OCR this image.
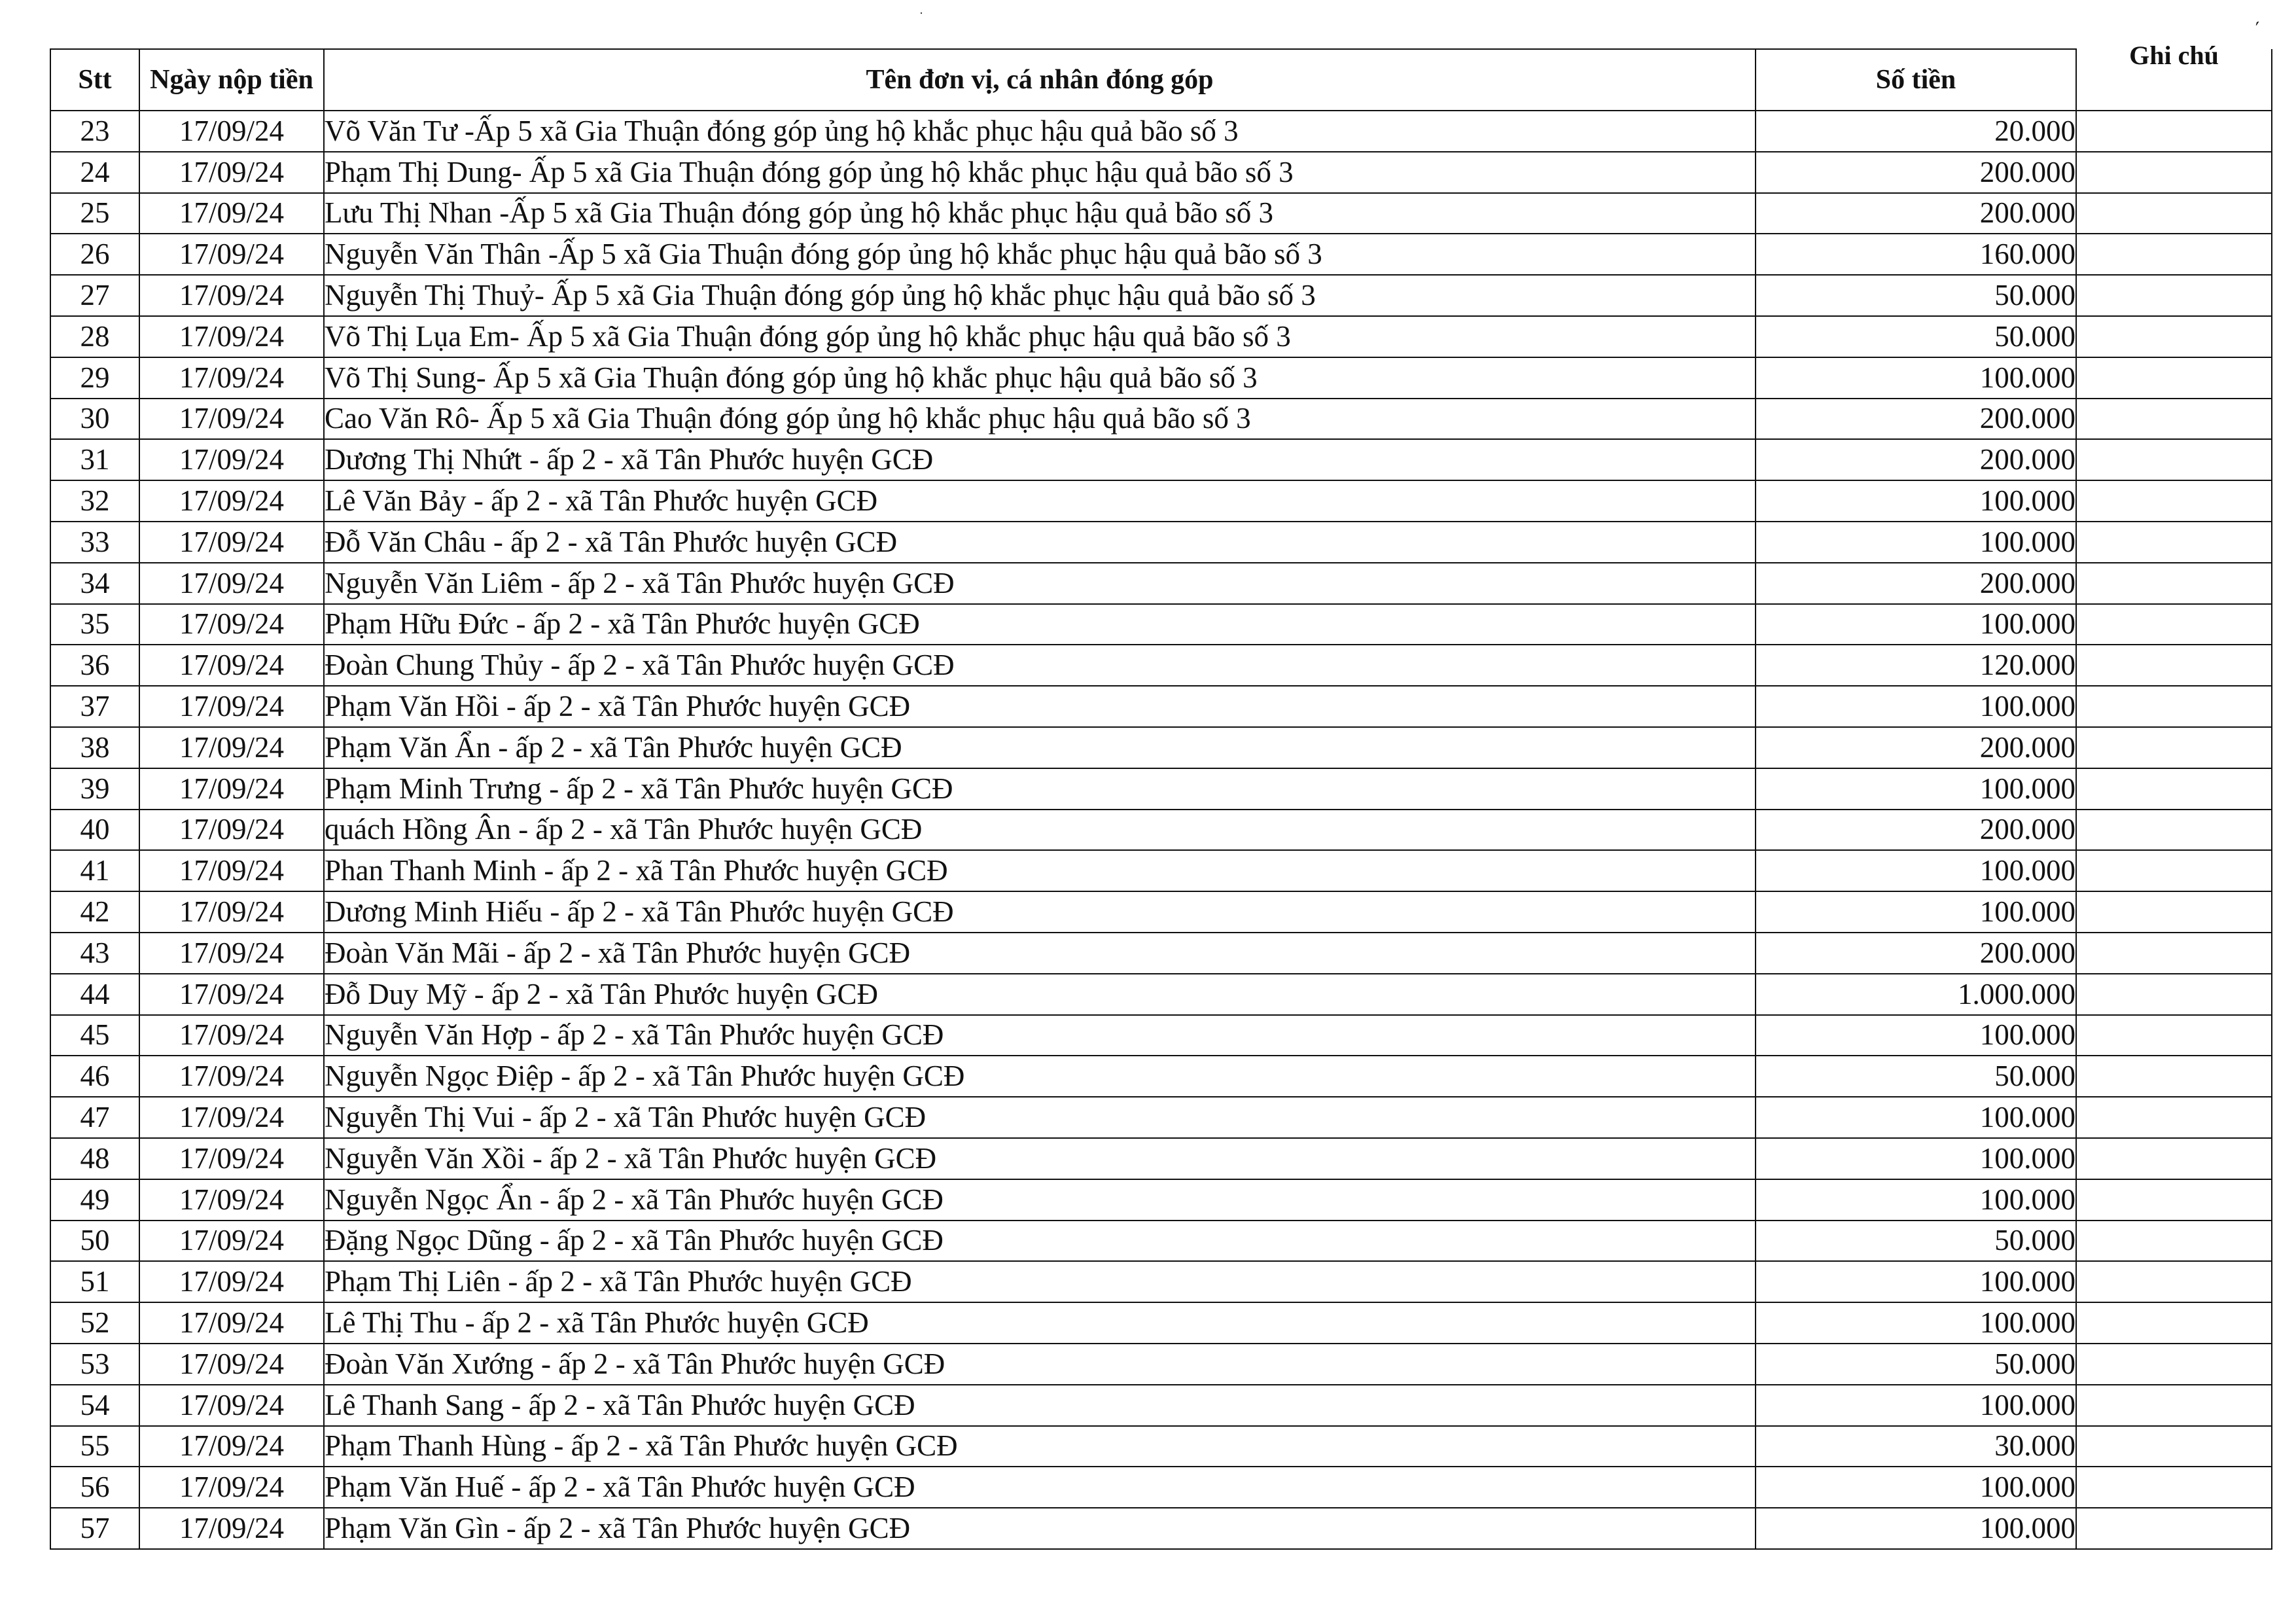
·
ˊ
Stt	Ngày nộp tiền	Tên đơn vị, cá nhân đóng góp	Số tiền	Ghi chú

23	17/09/24	Võ Văn Tư -Ấp 5 xã Gia Thuận đóng góp ủng hộ khắc phục hậu quả bão số 3	20.000	
24	17/09/24	Phạm Thị Dung- Ấp 5 xã Gia Thuận đóng góp ủng hộ khắc phục hậu quả bão số 3	200.000	
25	17/09/24	Lưu Thị Nhan -Ấp 5 xã Gia Thuận đóng góp ủng hộ khắc phục hậu quả bão số 3	200.000	
26	17/09/24	Nguyễn Văn Thân -Ấp 5 xã Gia Thuận đóng góp ủng hộ khắc phục hậu quả bão số 3	160.000	
27	17/09/24	Nguyễn Thị Thuỷ- Ấp 5 xã Gia Thuận đóng góp ủng hộ khắc phục hậu quả bão số 3	50.000	
28	17/09/24	Võ Thị Lụa Em- Ấp 5 xã Gia Thuận đóng góp ủng hộ khắc phục hậu quả bão số 3	50.000	
29	17/09/24	Võ Thị Sung- Ấp 5 xã Gia Thuận đóng góp ủng hộ khắc phục hậu quả bão số 3	100.000	
30	17/09/24	Cao Văn Rô- Ấp 5 xã Gia Thuận đóng góp ủng hộ khắc phục hậu quả bão số 3	200.000	
31	17/09/24	Dương Thị Nhứt - ấp 2 - xã Tân Phước huyện GCĐ	200.000	
32	17/09/24	Lê Văn Bảy - ấp 2 - xã Tân Phước huyện GCĐ	100.000	
33	17/09/24	Đỗ Văn Châu - ấp 2 - xã Tân Phước huyện GCĐ	100.000	
34	17/09/24	Nguyễn Văn Liêm - ấp 2 - xã Tân Phước huyện GCĐ	200.000	
35	17/09/24	Phạm Hữu Đức - ấp 2 - xã Tân Phước huyện GCĐ	100.000	
36	17/09/24	Đoàn Chung Thủy - ấp 2 - xã Tân Phước huyện GCĐ	120.000	
37	17/09/24	Phạm Văn Hồi - ấp 2 - xã Tân Phước huyện GCĐ	100.000	
38	17/09/24	Phạm Văn Ẩn - ấp 2 - xã Tân Phước huyện GCĐ	200.000	
39	17/09/24	Phạm Minh Trưng - ấp 2 - xã Tân Phước huyện GCĐ	100.000	
40	17/09/24	quách Hồng Ân - ấp 2 - xã Tân Phước huyện GCĐ	200.000	
41	17/09/24	Phan Thanh Minh - ấp 2 - xã Tân Phước huyện GCĐ	100.000	
42	17/09/24	Dương Minh Hiếu - ấp 2 - xã Tân Phước huyện GCĐ	100.000	
43	17/09/24	Đoàn Văn Mãi - ấp 2 - xã Tân Phước huyện GCĐ	200.000	
44	17/09/24	Đỗ Duy Mỹ - ấp 2 - xã Tân Phước huyện GCĐ	1.000.000	
45	17/09/24	Nguyễn Văn Hợp - ấp 2 - xã Tân Phước huyện GCĐ	100.000	
46	17/09/24	Nguyễn Ngọc Điệp - ấp 2 - xã Tân Phước huyện GCĐ	50.000	
47	17/09/24	Nguyễn Thị Vui - ấp 2 - xã Tân Phước huyện GCĐ	100.000	
48	17/09/24	Nguyễn Văn Xồi - ấp 2 - xã Tân Phước huyện GCĐ	100.000	
49	17/09/24	Nguyễn Ngọc Ẩn - ấp 2 - xã Tân Phước huyện GCĐ	100.000	
50	17/09/24	Đặng Ngọc Dũng - ấp 2 - xã Tân Phước huyện GCĐ	50.000	
51	17/09/24	Phạm Thị Liên - ấp 2 - xã Tân Phước huyện GCĐ	100.000	
52	17/09/24	Lê Thị Thu - ấp 2 - xã Tân Phước huyện GCĐ	100.000	
53	17/09/24	Đoàn Văn Xướng - ấp 2 - xã Tân Phước huyện GCĐ	50.000	
54	17/09/24	Lê Thanh Sang - ấp 2 - xã Tân Phước huyện GCĐ	100.000	
55	17/09/24	Phạm Thanh Hùng - ấp 2 - xã Tân Phước huyện GCĐ	30.000	
56	17/09/24	Phạm Văn Huế - ấp 2 - xã Tân Phước huyện GCĐ	100.000	
57	17/09/24	Phạm Văn Gìn - ấp 2 - xã Tân Phước huyện GCĐ	100.000	
